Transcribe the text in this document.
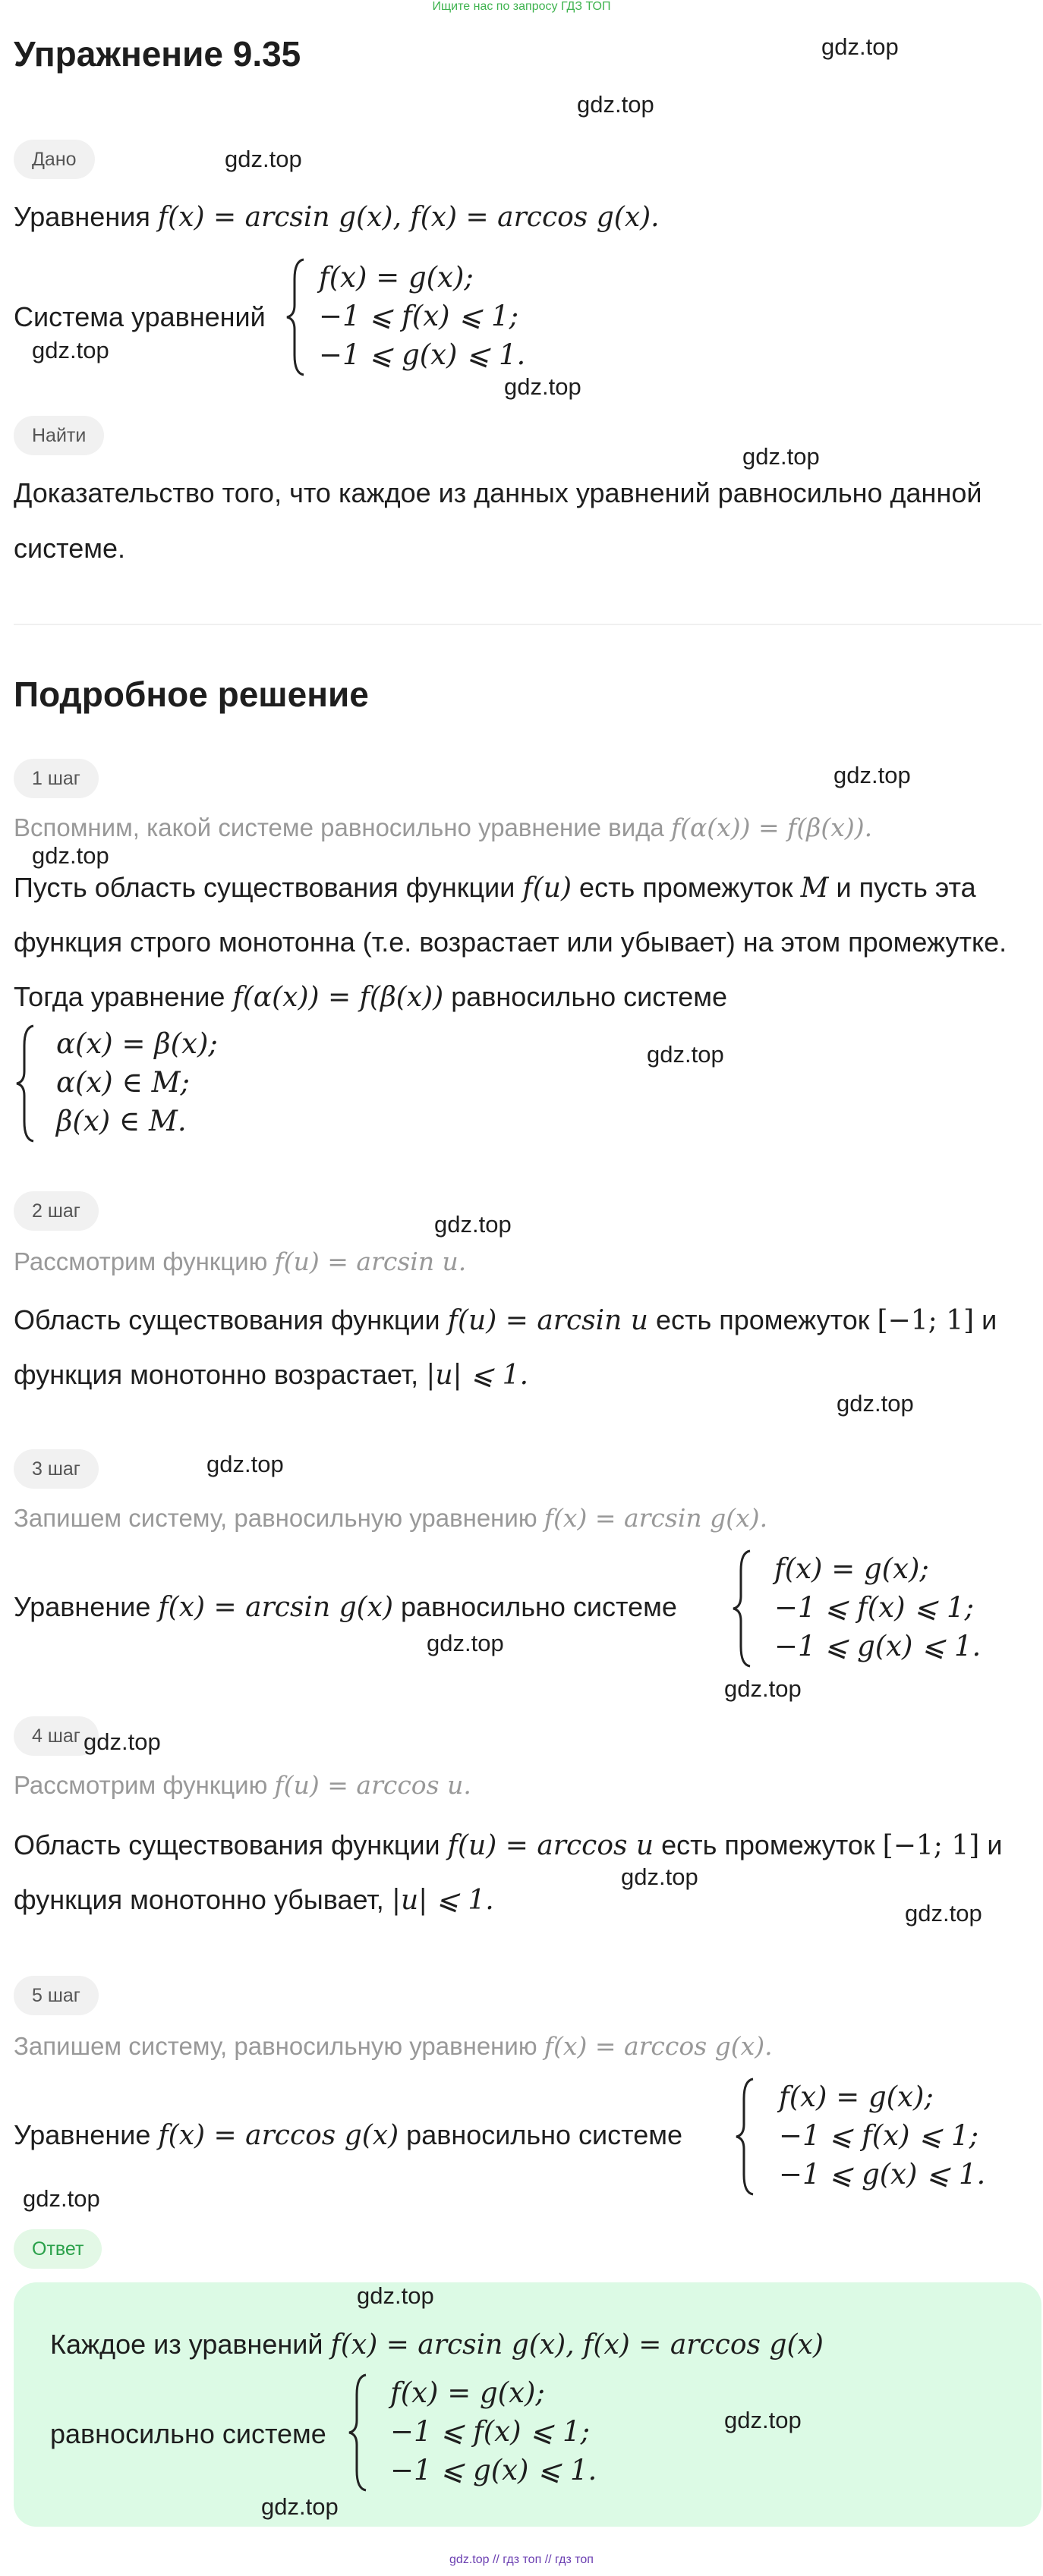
Ищите нас по запросу ГДЗ ТОП
Упражнение 9.35
Дано
Уравнения f(x) = arcsin g(x), f(x) = arccos g(x).
Система уравнений
f(x) = g(x);
−1 ⩽ f(x) ⩽ 1;
−1 ⩽ g(x) ⩽ 1.
Найти
Доказательство того, что каждое из данных уравнений равносильно данной
системе.
Подробное решение
1 шаг
Вспомним, какой системе равносильно уравнение вида f(α(x)) = f(β(x)).
Пусть область существования функции f(u) есть промежуток M и пусть эта
функция строго монотонна (т.е. возрастает или убывает) на этом промежутке.
Тогда уравнение f(α(x)) = f(β(x)) равносильно системе
α(x) = β(x);
α(x) ∈ M;
β(x) ∈ M.
2 шаг
Рассмотрим функцию f(u) = arcsin u.
Область существования функции f(u) = arcsin u есть промежуток [−1; 1] и
функция монотонно возрастает, |u| ⩽ 1.
3 шаг
Запишем систему, равносильную уравнению f(x) = arcsin g(x).
Уравнение f(x) = arcsin g(x) равносильно системе
f(x) = g(x);
−1 ⩽ f(x) ⩽ 1;
−1 ⩽ g(x) ⩽ 1.
4 шаг
Рассмотрим функцию f(u) = arccos u.
Область существования функции f(u) = arccos u есть промежуток [−1; 1] и
функция монотонно убывает, |u| ⩽ 1.
5 шаг
Запишем систему, равносильную уравнению f(x) = arccos g(x).
Уравнение f(x) = arccos g(x) равносильно системе
f(x) = g(x);
−1 ⩽ f(x) ⩽ 1;
−1 ⩽ g(x) ⩽ 1.
Ответ
Каждое из уравнений f(x) = arcsin g(x), f(x) = arccos g(x)
равносильно системе
f(x) = g(x);
−1 ⩽ f(x) ⩽ 1;
−1 ⩽ g(x) ⩽ 1.
gdz.top
gdz.top
gdz.top
gdz.top
gdz.top
gdz.top
gdz.top
gdz.top
gdz.top
gdz.top
gdz.top
gdz.top
gdz.top
gdz.top
gdz.top
gdz.top
gdz.top
gdz.top
gdz.top
gdz.top
gdz.top
gdz.top // гдз топ // гдз топ
